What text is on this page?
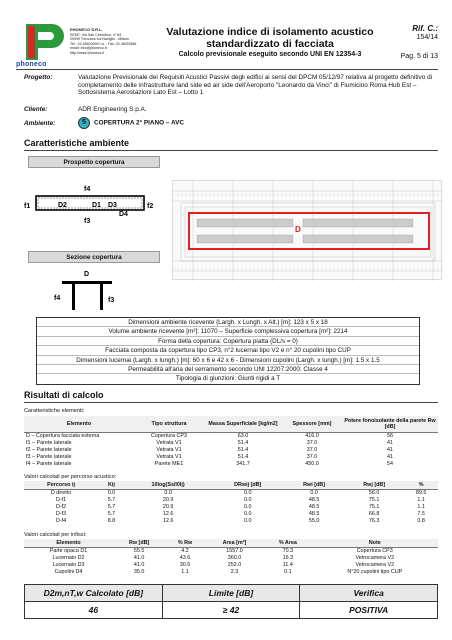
phoneco
PHONECO S.R.L.
SEDE: Via San Cristoforo, n° 84
20090 Trezzano sul Naviglio - Milano
Tel.: 02.48403099 r.a. - Fax: 02.48403681
email: info@phoneco.it
http://www.phoneco.it
Valutazione indice di isolamento acustico
standardizzato di facciata
Calcolo previsionale eseguito secondo UNI EN 12354-3
Rif. C.:
154/14
Pag. 5 di 13
Progetto:	Valutazione Previsionale dei Requisiti Acustici Passivi degli edifici ai sensi del DPCM 05/12/97 relativa al progetto definitivo di completamento delle infrastrutture land side ed air side dell'Aeroporto "Leonardo da Vinci" di Fiumicino Roma Hub Est – Sottosistema Aerostazioni Lato Est – Lotto 1
Cliente:	ADR Engineering S.p.A.
Ambiente:	5 COPERTURA 2° PIANO – AVC
Caratteristiche ambiente
Prospetto copertura
f4
f1	f2
f3
D2	D1 D3
D4
Sezione copertura
D
f4	f3
D
Dimensioni ambiente ricevente (Largh. x Lungh. x Alt.) [m]: 123 x 5 x 18
Volume ambiente ricevente [m³]: 11070 – Superficie complessiva copertura [m²]: 2214
Forma della copertura: Copertura piatta (DL/s = 0)
Facciata composta da copertura tipo CP3, n°2 lucernai tipo V2 e n° 20 cupolini tipo CUP
Dimensioni lucernai (Largh. x lungh.) [m]: 60 x 6 e 42 x 6 - Dimensioni cupolini (Largh. x lungh.) [m]: 1.5 x 1.5
Permeabilità all'aria del serramento secondo UNI 12207:2000: Classe 4
Tipologia di giunzioni: Giunti rigidi a T
Risultati di calcolo
Caratteristiche elementi:
Elemento	Tipo struttura	Massa Superficiale [kg/m2]	Spessore [mm]	Potere fonoisolante della parete Rw [dB]
D – Copertura facciata esterna	Copertura CP3	63.0	416.0	56
f1 – Parete laterale	Vetrata V1	51.4	37.0	41
f2 – Parete laterale	Vetrata V1	51.4	37.0	41
f3 – Parete laterale	Vetrata V1	51.4	37.0	41
f4 – Parete laterale	Parete ME1	341.7	450.0	54
Valori calcolati per percorso acustico:
Percorso ij	Kij	10log(Ss/l0lj)	DRwij [dB]	Rwi [dB]	Rwj [dB]	%
D diretto	0.0	0.0	0.0	0.0	56.0	89.5
D-f1	5.7	20.9	0.0	48.5	75.1	1.1
D-f2	5.7	20.9	0.0	48.5	75.1	1.1
D-f3	5.7	12.6	0.0	48.5	66.8	7.5
D-f4	8.8	12.6	0.0	55.0	76.3	0.8
Valori calcolati per infissi:
Elemento	Rw [dB]	% Rw	Area [m²]	% Area	Note
Parte opaca D1	55.5	4.2	1557.0	70.3	Copertura CP3
Lucernaio D2	41.0	43.6	360.0	16.3	Vetrocamera V2
Lucernaio D3	41.0	30.5	252.0	11.4	Vetrocamera V2
Cupolini D4	35.0	1.1	2.3	0.1	N°20 cupolini tipo CUP
D2m,nT,w Calcolato [dB]	Limite [dB]	Verifica
46	≥ 42	POSITIVA
